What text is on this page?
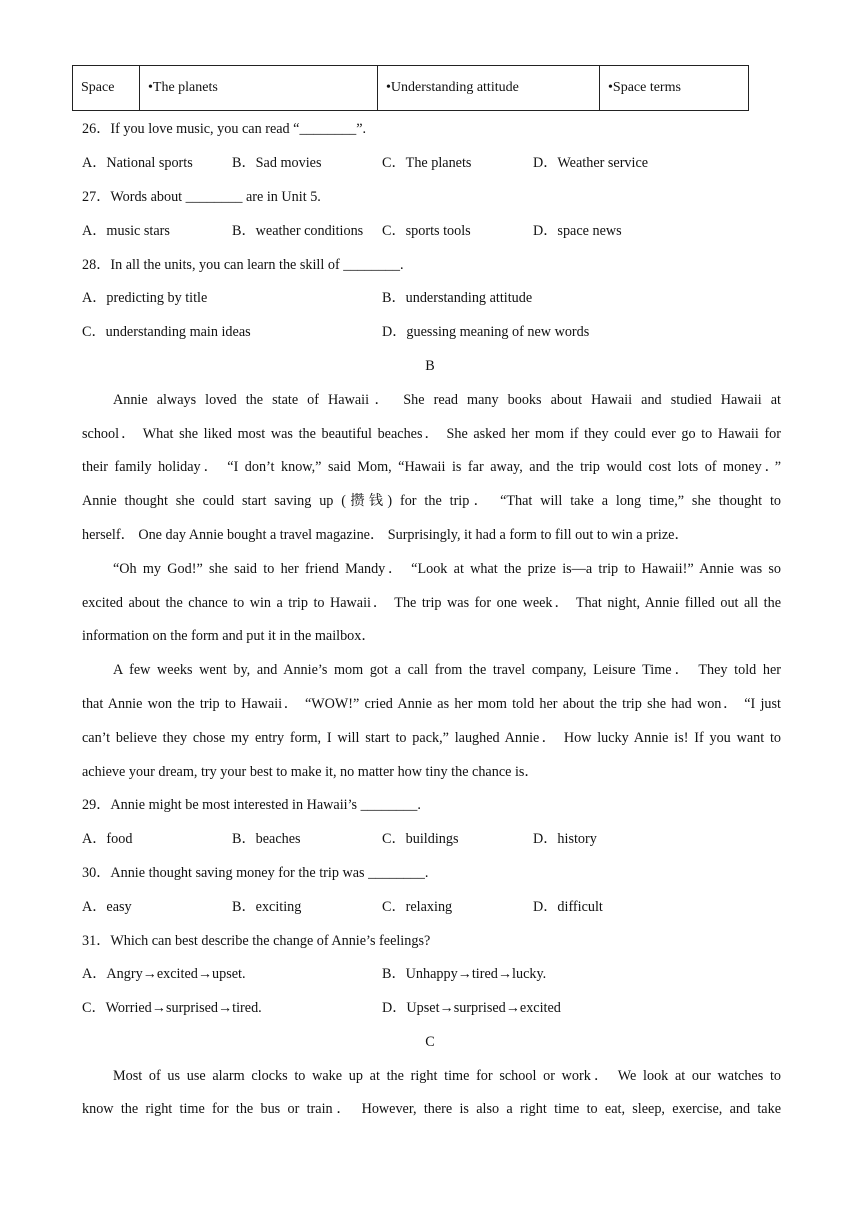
Space	•The planets	•Understanding attitude	•Space terms
26．If you love music, you can read “________”.
A．National sports	B．Sad movies	C．The planets	D．Weather service
27．Words about ________ are in Unit 5.
A．music stars	B．weather conditions C．sports tools	D．space news
28．In all the units, you can learn the skill of ________.
A．predicting by title	B．understanding attitude
C．understanding main ideas	D．guessing meaning of new words
B
Annie always loved the state of Hawaii． She read many books about Hawaii and studied Hawaii at
school． What she liked most was the beautiful beaches． She asked her mom if they could ever go to Hawaii for
their family holiday． “I don’t know,” said Mom, “Hawaii is far away, and the trip would cost lots of money．”
Annie thought she could start saving up (攒钱) for the trip． “That will take a long time,” she thought to
herself． One day Annie bought a travel magazine． Surprisingly, it had a form to fill out to win a prize．
“Oh my God!” she said to her friend Mandy． “Look at what the prize is—a trip to Hawaii!” Annie was so
excited about the chance to win a trip to Hawaii． The trip was for one week． That night, Annie filled out all the
information on the form and put it in the mailbox．
A few weeks went by, and Annie’s mom got a call from the travel company, Leisure Time． They told her
that Annie won the trip to Hawaii． “WOW!” cried Annie as her mom told her about the trip she had won． “I just
can’t believe they chose my entry form, I will start to pack,” laughed Annie． How lucky Annie is! If you want to
achieve your dream, try your best to make it, no matter how tiny the chance is．
29．Annie might be most interested in Hawaii’s ________.
A．food	B．beaches	C．buildings	D．history
30．Annie thought saving money for the trip was ________.
A．easy	B．exciting	C．relaxing	D．difficult
31．Which can best describe the change of Annie’s feelings?
A．Angry→excited→upset.	B．Unhappy→tired→lucky.
C．Worried→surprised→tired.	D．Upset→surprised→excited
C
Most of us use alarm clocks to wake up at the right time for school or work． We look at our watches to
know the right time for the bus or train． However, there is also a right time to eat, sleep, exercise, and take
